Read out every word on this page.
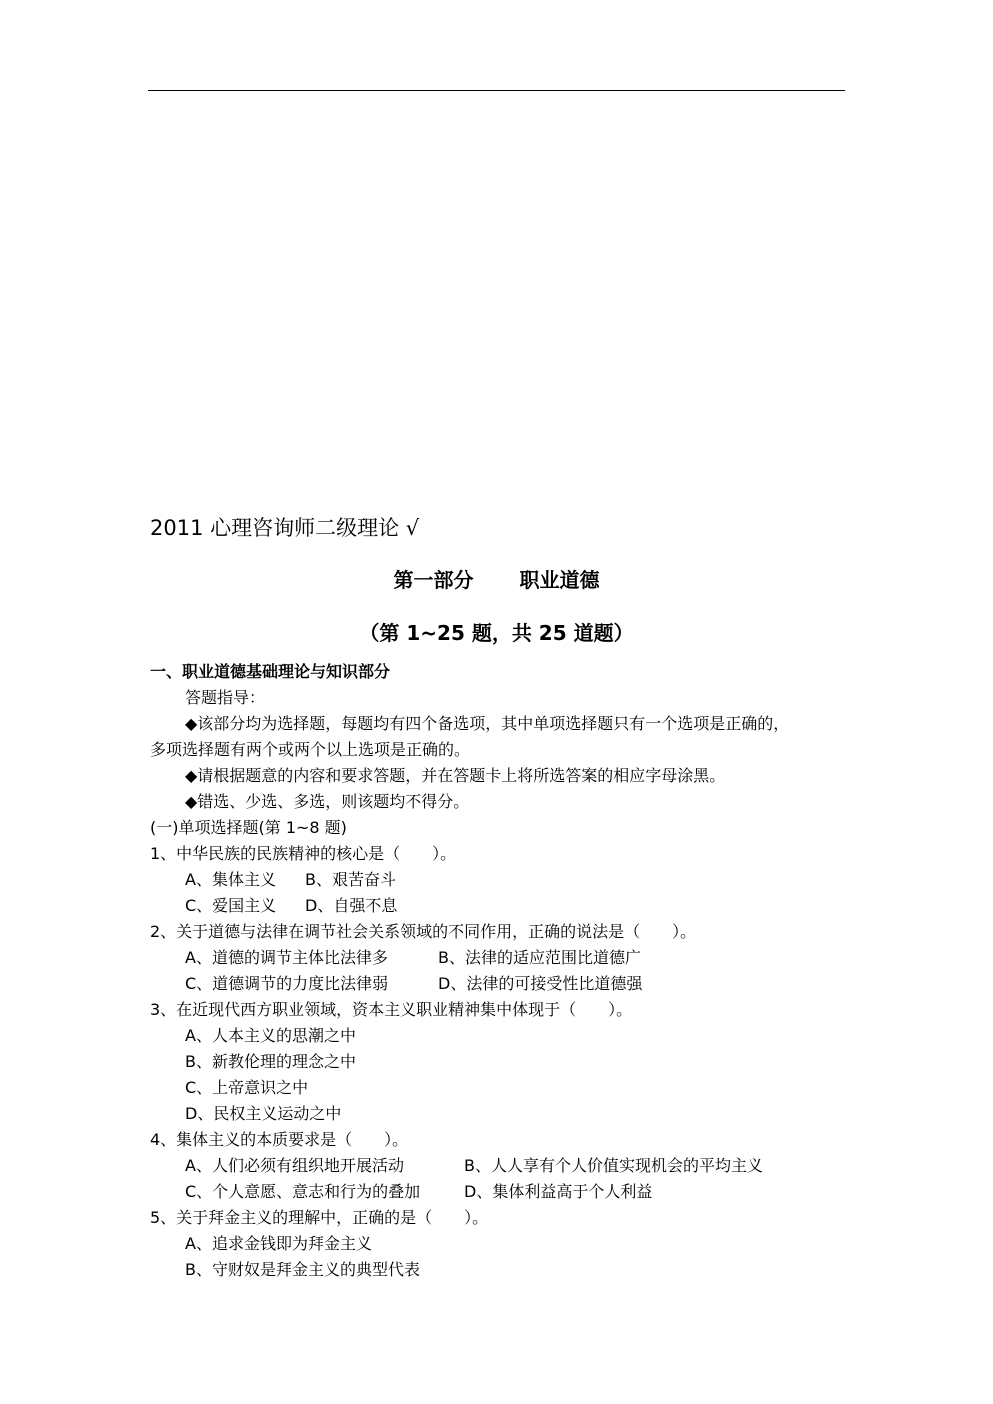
2011 心理咨询师二级理论 √
第一部分 职业道德
（第 1~25 题，共 25 道题）
一、职业道德基础理论与知识部分
答题指导：
◆该部分均为选择题，每题均有四个备选项，其中单项选择题只有一个选项是正确的，
多项选择题有两个或两个以上选项是正确的。
◆请根据题意的内容和要求答题，并在答题卡上将所选答案的相应字母涂黑。
◆错选、少选、多选，则该题均不得分。
(一)单项选择题(第 1~8 题)
1、中华民族的民族精神的核心是（　　）。
A、集体主义 B、艰苦奋斗
C、爱国主义 D、自强不息
2、关于道德与法律在调节社会关系领域的不同作用，正确的说法是（　　）。
A、道德的调节主体比法律多	B、法律的适应范围比道德广
C、道德调节的力度比法律弱	D、法律的可接受性比道德强
3、在近现代西方职业领域，资本主义职业精神集中体现于（　　）。
A、人本主义的思潮之中
B、新教伦理的理念之中
C、上帝意识之中
D、民权主义运动之中
4、集体主义的本质要求是（　　）。
A、人们必须有组织地开展活动	B、人人享有个人价值实现机会的平均主义
C、个人意愿、意志和行为的叠加	D、集体利益高于个人利益
5、关于拜金主义的理解中，正确的是（　　）。
A、追求金钱即为拜金主义
B、守财奴是拜金主义的典型代表
